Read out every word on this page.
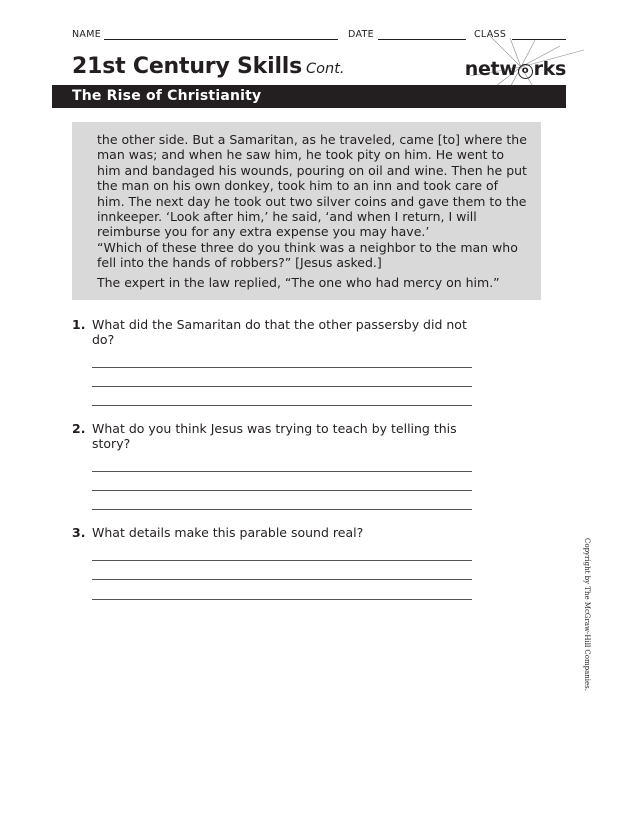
NAME	DATE	CLASS
21st Century Skills Cont.	netw o rks
The Rise of Christianity

the other side. But a Samaritan, as he traveled, came [to] where the man was; and when he saw him, he took pity on him. He went to him and bandaged his wounds, pouring on oil and wine. Then he put the man on his own donkey, took him to an inn and took care of him. The next day he took out two silver coins and gave them to the innkeeper. ‘Look after him,’ he said, ‘and when I return, I will reimburse you for any extra expense you may have.’

“Which of these three do you think was a neighbor to the man who fell into the hands of robbers?” [Jesus asked.]

The expert in the law replied, “The one who had mercy on him.”

1. What did the Samaritan do that the other passersby did not do?
2. What do you think Jesus was trying to teach by telling this story?
3. What details make this parable sound real?
Copyright by The McGraw-Hill Companies.
